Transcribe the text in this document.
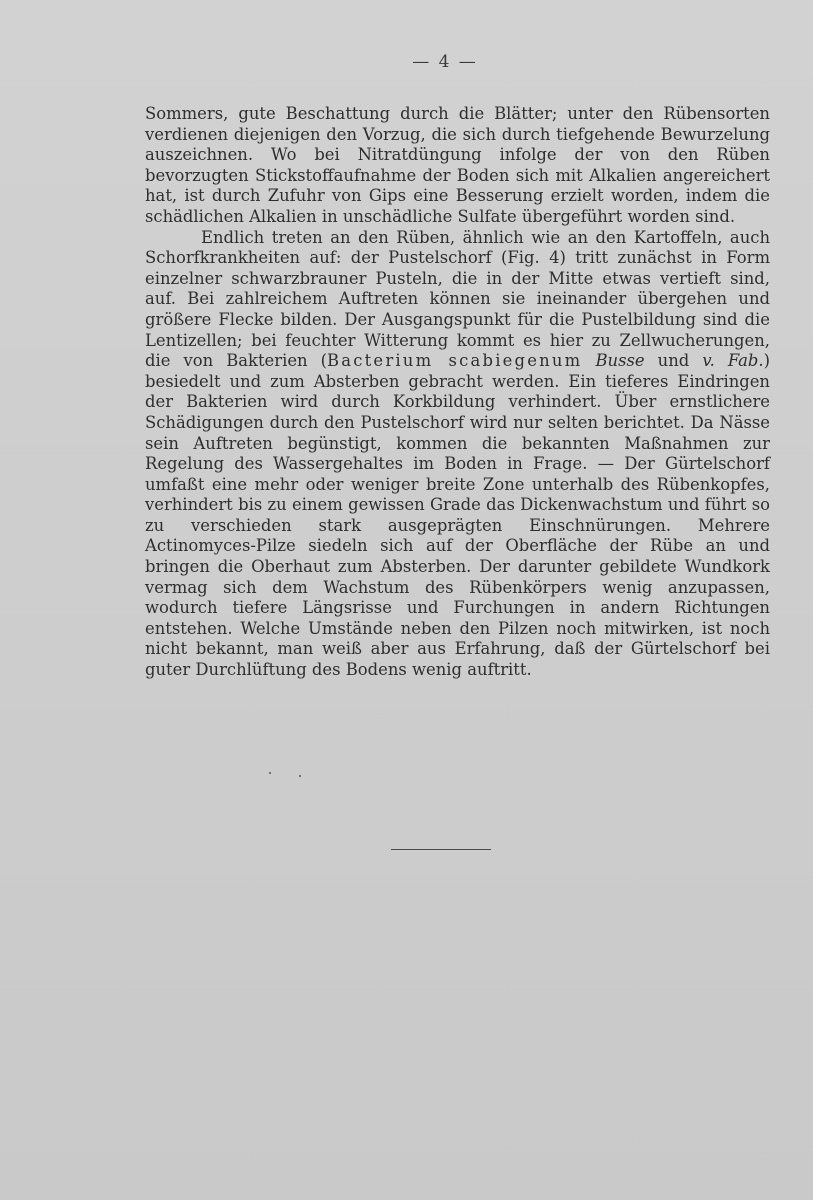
— 4 —

Sommers, gute Beschattung durch die Blätter; unter den Rübensorten verdienen diejenigen den Vorzug, die sich durch tiefgehende Bewurzelung auszeichnen. Wo bei Nitratdüngung infolge der von den Rüben bevorzugten Stickstoffaufnahme der Boden sich mit Alkalien angereichert hat, ist durch Zufuhr von Gips eine Besserung erzielt worden, indem die schädlichen Alkalien in unschädliche Sulfate übergeführt worden sind.

Endlich treten an den Rüben, ähnlich wie an den Kartoffeln, auch Schorfkrankheiten auf: der Pustelschorf (Fig. 4) tritt zunächst in Form einzelner schwarzbrauner Pusteln, die in der Mitte etwas vertieft sind, auf. Bei zahlreichem Auftreten können sie ineinander übergehen und größere Flecke bilden. Der Ausgangspunkt für die Pustelbildung sind die Lentizellen; bei feuchter Witterung kommt es hier zu Zellwucherungen, die von Bakterien (Bacterium scabiegenum Busse und v. Fab.) besiedelt und zum Absterben gebracht werden. Ein tieferes Eindringen der Bakterien wird durch Korkbildung verhindert. Über ernstlichere Schädigungen durch den Pustelschorf wird nur selten berichtet. Da Nässe sein Auftreten begünstigt, kommen die bekannten Maßnahmen zur Regelung des Wassergehaltes im Boden in Frage. — Der Gürtelschorf umfaßt eine mehr oder weniger breite Zone unterhalb des Rübenkopfes, verhindert bis zu einem gewissen Grade das Dickenwachstum und führt so zu verschieden stark ausgeprägten Einschnürungen. Mehrere Actinomyces-Pilze siedeln sich auf der Oberfläche der Rübe an und bringen die Oberhaut zum Absterben. Der darunter gebildete Wundkork vermag sich dem Wachstum des Rübenkörpers wenig anzupassen, wodurch tiefere Längsrisse und Furchungen in andern Richtungen entstehen. Welche Umstände neben den Pilzen noch mitwirken, ist noch nicht bekannt, man weiß aber aus Erfahrung, daß der Gürtelschorf bei guter Durchlüftung des Bodens wenig auftritt.
